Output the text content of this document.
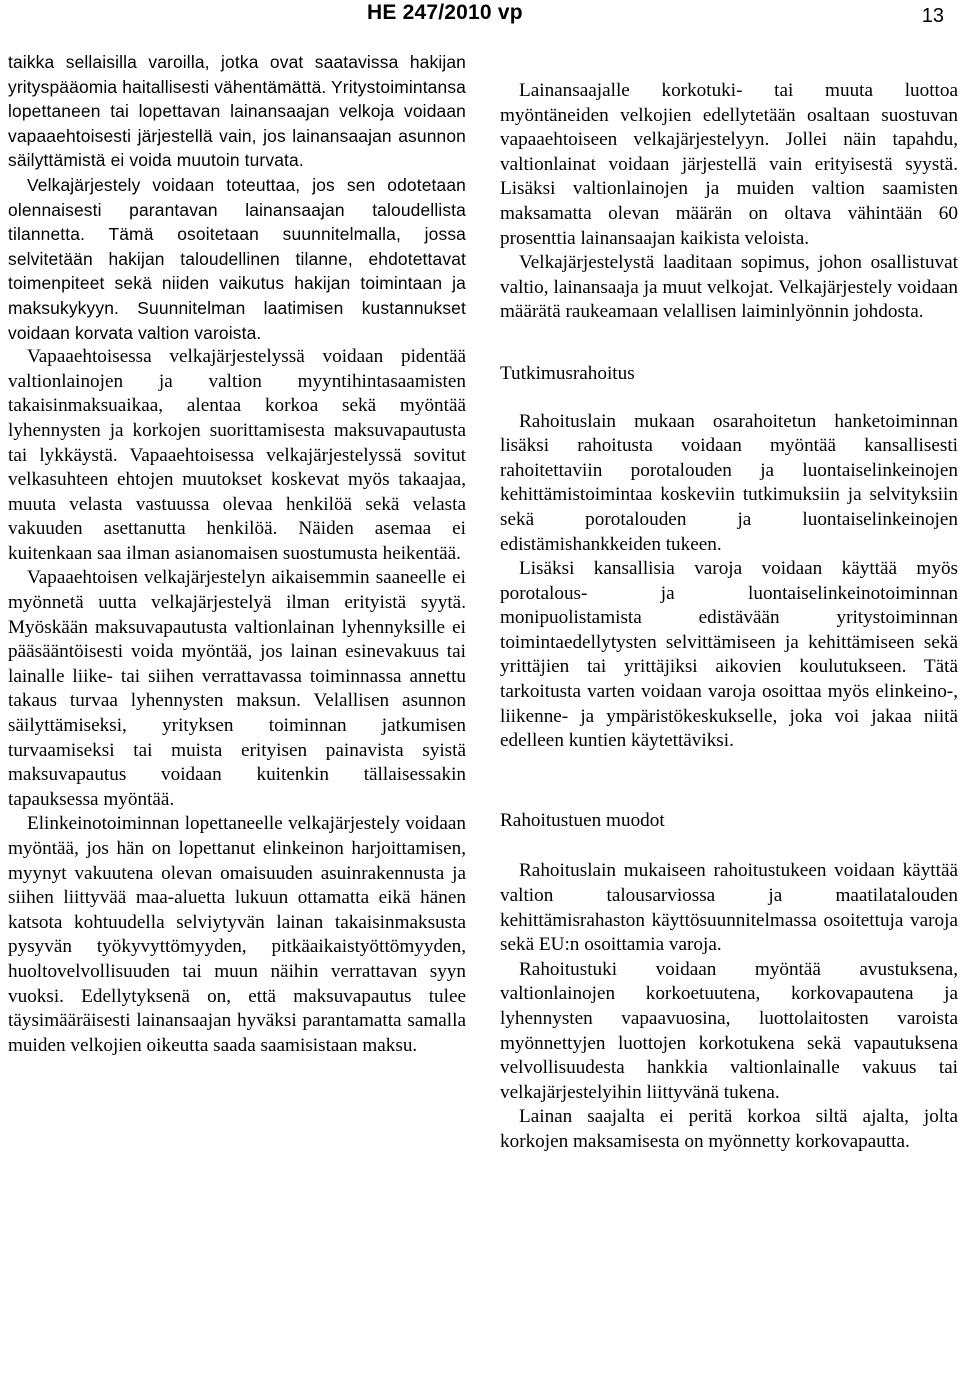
HE 247/2010 vp	13

taikka sellaisilla varoilla, jotka ovat saatavissa hakijan yrityspääomia haitallisesti vähentämättä. Yritystoimintansa lopettaneen tai lopettavan lainansaajan velkoja voidaan vapaaehtoisesti järjestellä vain, jos lainansaajan asunnon säilyttämistä ei voida muutoin turvata.

Velkajärjestely voidaan toteuttaa, jos sen odotetaan olennaisesti parantavan lainansaajan taloudellista tilannetta. Tämä osoitetaan suunnitelmalla, jossa selvitetään hakijan taloudellinen tilanne, ehdotettavat toimenpiteet sekä niiden vaikutus hakijan toimintaan ja maksukykyyn. Suunnitelman laatimisen kustannukset voidaan korvata valtion varoista.

Vapaaehtoisessa velkajärjestelyssä voidaan pidentää valtionlainojen ja valtion myyntihintasaamisten takaisinmaksuaikaa, alentaa korkoa sekä myöntää lyhennysten ja korkojen suorittamisesta maksuvapautusta tai lykkäystä. Vapaaehtoisessa velkajärjestelyssä sovitut velkasuhteen ehtojen muutokset koskevat myös takaajaa, muuta velasta vastuussa olevaa henkilöä sekä velasta vakuuden asettanutta henkilöä. Näiden asemaa ei kuitenkaan saa ilman asianomaisen suostumusta heikentää.

Vapaaehtoisen velkajärjestelyn aikaisemmin saaneelle ei myönnetä uutta velkajärjestelyä ilman erityistä syytä. Myöskään maksuvapautusta valtionlainan lyhennyksille ei pääsääntöisesti voida myöntää, jos lainan esinevakuus tai lainalle liike- tai siihen verrattavassa toiminnassa annettu takaus turvaa lyhennysten maksun. Velallisen asunnon säilyttämiseksi, yrityksen toiminnan jatkumisen turvaamiseksi tai muista erityisen painavista syistä maksuvapautus voidaan kuitenkin tällaisessakin tapauksessa myöntää.

Elinkeinotoiminnan lopettaneelle velkajärjestely voidaan myöntää, jos hän on lopettanut elinkeinon harjoittamisen, myynyt vakuutena olevan omaisuuden asuinrakennusta ja siihen liittyvää maa-aluetta lukuun ottamatta eikä hänen katsota kohtuudella selviytyvän lainan takaisinmaksusta pysyvän työkyvyttömyyden, pitkäaikaistyöttömyyden, huoltovelvollisuuden tai muun näihin verrattavan syyn vuoksi. Edellytyksenä on, että maksuvapautus tulee täysimääräisesti lainansaajan hyväksi parantamatta samalla muiden velkojien oikeutta saada saamisistaan maksu.

Lainansaajalle korkotuki- tai muuta luottoa myöntäneiden velkojien edellytetään osaltaan suostuvan vapaaehtoiseen velkajärjestelyyn. Jollei näin tapahdu, valtionlainat voidaan järjestellä vain erityisestä syystä. Lisäksi valtionlainojen ja muiden valtion saamisten maksamatta olevan määrän on oltava vähintään 60 prosenttia lainansaajan kaikista veloista.

Velkajärjestelystä laaditaan sopimus, johon osallistuvat valtio, lainansaaja ja muut velkojat. Velkajärjestely voidaan määrätä raukeamaan velallisen laiminlyönnin johdosta.

Tutkimusrahoitus

Rahoituslain mukaan osarahoitetun hanketoiminnan lisäksi rahoitusta voidaan myöntää kansallisesti rahoitettaviin porotalouden ja luontaiselinkeinojen kehittämistoimintaa koskeviin tutkimuksiin ja selvityksiin sekä porotalouden ja luontaiselinkeinojen edistämishankkeiden tukeen.

Lisäksi kansallisia varoja voidaan käyttää myös porotalous- ja luontaiselinkeinotoiminnan monipuolistamista edistävään yritystoiminnan toimintaedellytysten selvittämiseen ja kehittämiseen sekä yrittäjien tai yrittäjiksi aikovien koulutukseen. Tätä tarkoitusta varten voidaan varoja osoittaa myös elinkeino-, liikenne- ja ympäristökeskukselle, joka voi jakaa niitä edelleen kuntien käytettäviksi.

Rahoitustuen muodot

Rahoituslain mukaiseen rahoitustukeen voidaan käyttää valtion talousarviossa ja maatilatalouden kehittämisrahaston käyttösuunnitelmassa osoitettuja varoja sekä EU:n osoittamia varoja.

Rahoitustuki voidaan myöntää avustuksena, valtionlainojen korkoetuutena, korkovapautena ja lyhennysten vapaavuosina, luottolaitosten varoista myönnettyjen luottojen korkotukena sekä vapautuksena velvollisuudesta hankkia valtionlainalle vakuus tai velkajärjestelyihin liittyvänä tukena.

Lainan saajalta ei peritä korkoa siltä ajalta, jolta korkojen maksamisesta on myönnetty korkovapautta.
